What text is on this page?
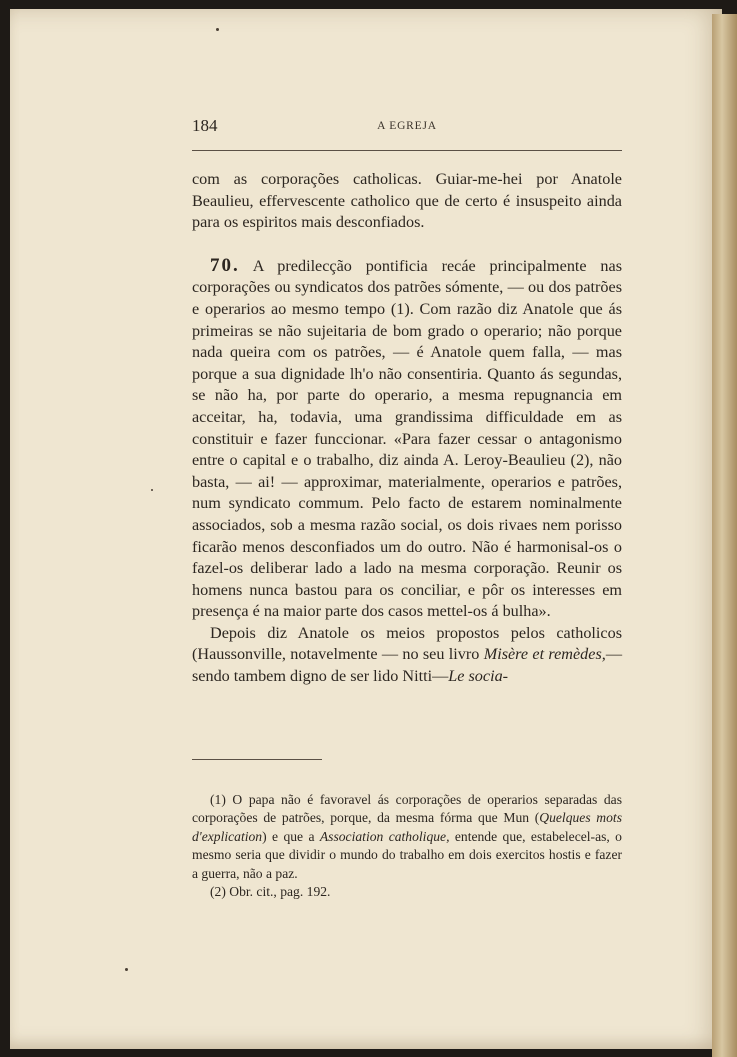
184	A EGREJA

com as corporações catholicas. Guiar-me-hei por Anatole Beaulieu, effervescente catholico que de certo é insuspeito ainda para os espiritos mais desconfiados.

70. A predilecção pontificia recáe principalmente nas corporações ou syndicatos dos patrões sómente, — ou dos patrões e operarios ao mesmo tempo (1). Com razão diz Anatole que ás primeiras se não sujeitaria de bom grado o operario; não porque nada queira com os patrões, — é Anatole quem falla, — mas porque a sua dignidade lh'o não consentiria. Quanto ás segundas, se não ha, por parte do operario, a mesma repugnancia em acceitar, ha, todavia, uma grandissima difficuldade em as constituir e fazer funccionar. «Para fazer cessar o antagonismo entre o capital e o trabalho, diz ainda A. Leroy-Beaulieu (2), não basta, — ai! — approximar, materialmente, operarios e patrões, num syndicato commum. Pelo facto de estarem nominalmente associados, sob a mesma razão social, os dois rivaes nem porisso ficarão menos desconfiados um do outro. Não é harmonisal-os o fazel-os deliberar lado a lado na mesma corporação. Reunir os homens nunca bastou para os conciliar, e pôr os interesses em presença é na maior parte dos casos mettel-os á bulha».

Depois diz Anatole os meios propostos pelos catholicos (Haussonville, notavelmente — no seu livro Misère et remèdes,—sendo tambem digno de ser lido Nitti—Le socia-

(1) O papa não é favoravel ás corporações de operarios separadas das corporações de patrões, porque, da mesma fórma que Mun (Quelques mots d'explication) e que a Association catholique, entende que, estabelecel-as, o mesmo seria que dividir o mundo do trabalho em dois exercitos hostis e fazer a guerra, não a paz.

(2) Obr. cit., pag. 192.
